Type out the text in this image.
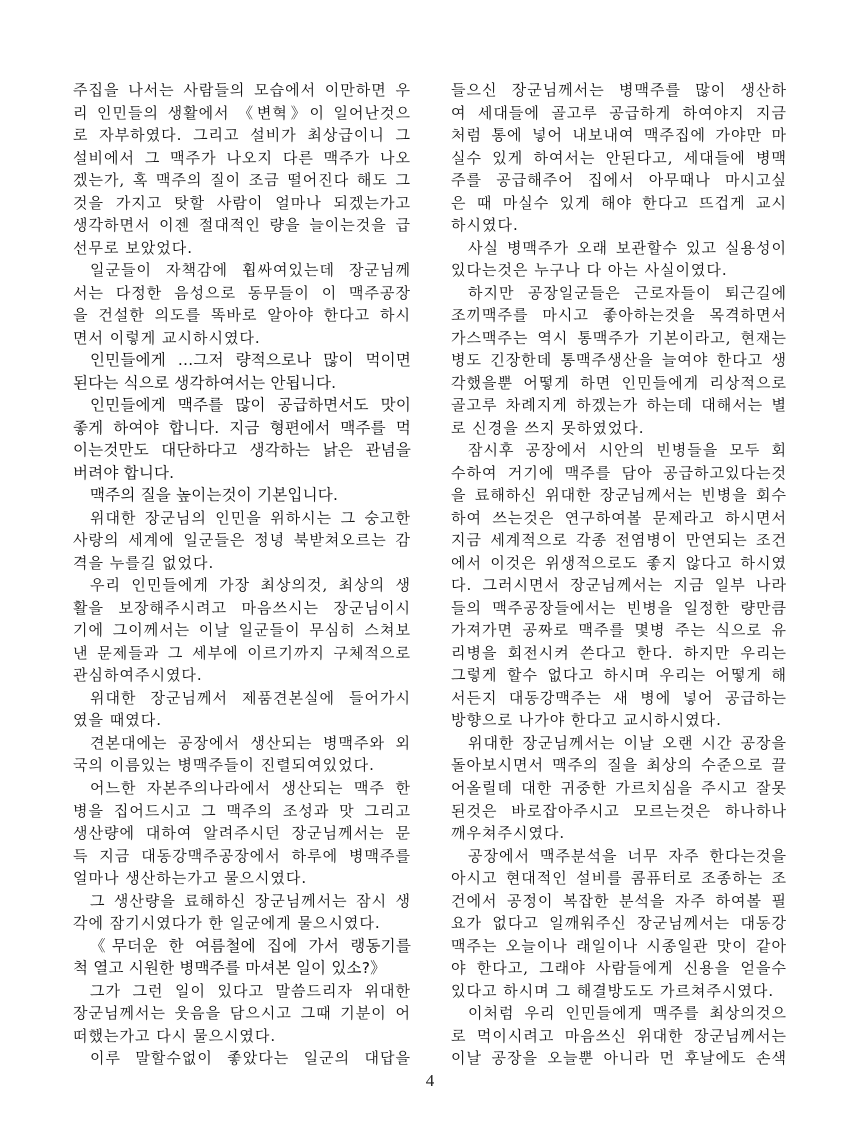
주집을 나서는 사람들의 모습에서 이만하면 우
리 인민들의 생활에서 《변혁》이 일어난것으
로 자부하였다. 그리고 설비가 최상급이니 그
설비에서 그 맥주가 나오지 다른 맥주가 나오
겠는가, 혹 맥주의 질이 조금 떨어진다 해도 그
것을 가지고 탓할 사람이 얼마나 되겠는가고
생각하면서 이젠 절대적인 량을 늘이는것을 급
선무로 보았었다.
일군들이 자책감에 휩싸여있는데 장군님께
서는 다정한 음성으로 동무들이 이 맥주공장
을 건설한 의도를 똑바로 알아야 한다고 하시
면서 이렇게 교시하시였다.
인민들에게 …그저 량적으로나 많이 먹이면
된다는 식으로 생각하여서는 안됩니다.
인민들에게 맥주를 많이 공급하면서도 맛이
좋게 하여야 합니다. 지금 형편에서 맥주를 먹
이는것만도 대단하다고 생각하는 낡은 관념을
버려야 합니다.
맥주의 질을 높이는것이 기본입니다.
위대한 장군님의 인민을 위하시는 그 숭고한
사랑의 세계에 일군들은 정녕 북받쳐오르는 감
격을 누를길 없었다.
우리 인민들에게 가장 최상의것, 최상의 생
활을 보장해주시려고 마음쓰시는 장군님이시
기에 그이께서는 이날 일군들이 무심히 스쳐보
낸 문제들과 그 세부에 이르기까지 구체적으로
관심하여주시였다.
위대한 장군님께서 제품견본실에 들어가시
였을 때였다.
견본대에는 공장에서 생산되는 병맥주와 외
국의 이름있는 병맥주들이 진렬되여있었다.
어느한 자본주의나라에서 생산되는 맥주 한
병을 집어드시고 그 맥주의 조성과 맛 그리고
생산량에 대하여 알려주시던 장군님께서는 문
득 지금 대동강맥주공장에서 하루에 병맥주를
얼마나 생산하는가고 물으시였다.
그 생산량을 료해하신 장군님께서는 잠시 생
각에 잠기시였다가 한 일군에게 물으시였다.
《무더운 한 여름철에 집에 가서 랭동기를
척 열고 시원한 병맥주를 마셔본 일이 있소?》
그가 그런 일이 있다고 말씀드리자 위대한
장군님께서는 웃음을 담으시고 그때 기분이 어
떠했는가고 다시 물으시였다.
이루 말할수없이 좋았다는 일군의 대답을
들으신 장군님께서는 병맥주를 많이 생산하
여 세대들에 골고루 공급하게 하여야지 지금
처럼 통에 넣어 내보내여 맥주집에 가야만 마
실수 있게 하여서는 안된다고, 세대들에 병맥
주를 공급해주어 집에서 아무때나 마시고싶
은 때 마실수 있게 해야 한다고 뜨겁게 교시
하시였다.
사실 병맥주가 오래 보관할수 있고 실용성이
있다는것은 누구나 다 아는 사실이였다.
하지만 공장일군들은 근로자들이 퇴근길에
조끼맥주를 마시고 좋아하는것을 목격하면서
가스맥주는 역시 통맥주가 기본이라고, 현재는
병도 긴장한데 통맥주생산을 늘여야 한다고 생
각했을뿐 어떻게 하면 인민들에게 리상적으로
골고루 차례지게 하겠는가 하는데 대해서는 별
로 신경을 쓰지 못하였었다.
잠시후 공장에서 시안의 빈병들을 모두 회
수하여 거기에 맥주를 담아 공급하고있다는것
을 료해하신 위대한 장군님께서는 빈병을 회수
하여 쓰는것은 연구하여볼 문제라고 하시면서
지금 세계적으로 각종 전염병이 만연되는 조건
에서 이것은 위생적으로도 좋지 않다고 하시였
다. 그러시면서 장군님께서는 지금 일부 나라
들의 맥주공장들에서는 빈병을 일정한 량만큼
가져가면 공짜로 맥주를 몇병 주는 식으로 유
리병을 회전시켜 쓴다고 한다. 하지만 우리는
그렇게 할수 없다고 하시며 우리는 어떻게 해
서든지 대동강맥주는 새 병에 넣어 공급하는
방향으로 나가야 한다고 교시하시였다.
위대한 장군님께서는 이날 오랜 시간 공장을
돌아보시면서 맥주의 질을 최상의 수준으로 끌
어올릴데 대한 귀중한 가르치심을 주시고 잘못
된것은 바로잡아주시고 모르는것은 하나하나
깨우쳐주시였다.
공장에서 맥주분석을 너무 자주 한다는것을
아시고 현대적인 설비를 콤퓨터로 조종하는 조
건에서 공정이 복잡한 분석을 자주 하여볼 필
요가 없다고 일깨워주신 장군님께서는 대동강
맥주는 오늘이나 래일이나 시종일관 맛이 같아
야 한다고, 그래야 사람들에게 신용을 얻을수
있다고 하시며 그 해결방도도 가르쳐주시였다.
이처럼 우리 인민들에게 맥주를 최상의것으
로 먹이시려고 마음쓰신 위대한 장군님께서는
이날 공장을 오늘뿐 아니라 먼 후날에도 손색
4
